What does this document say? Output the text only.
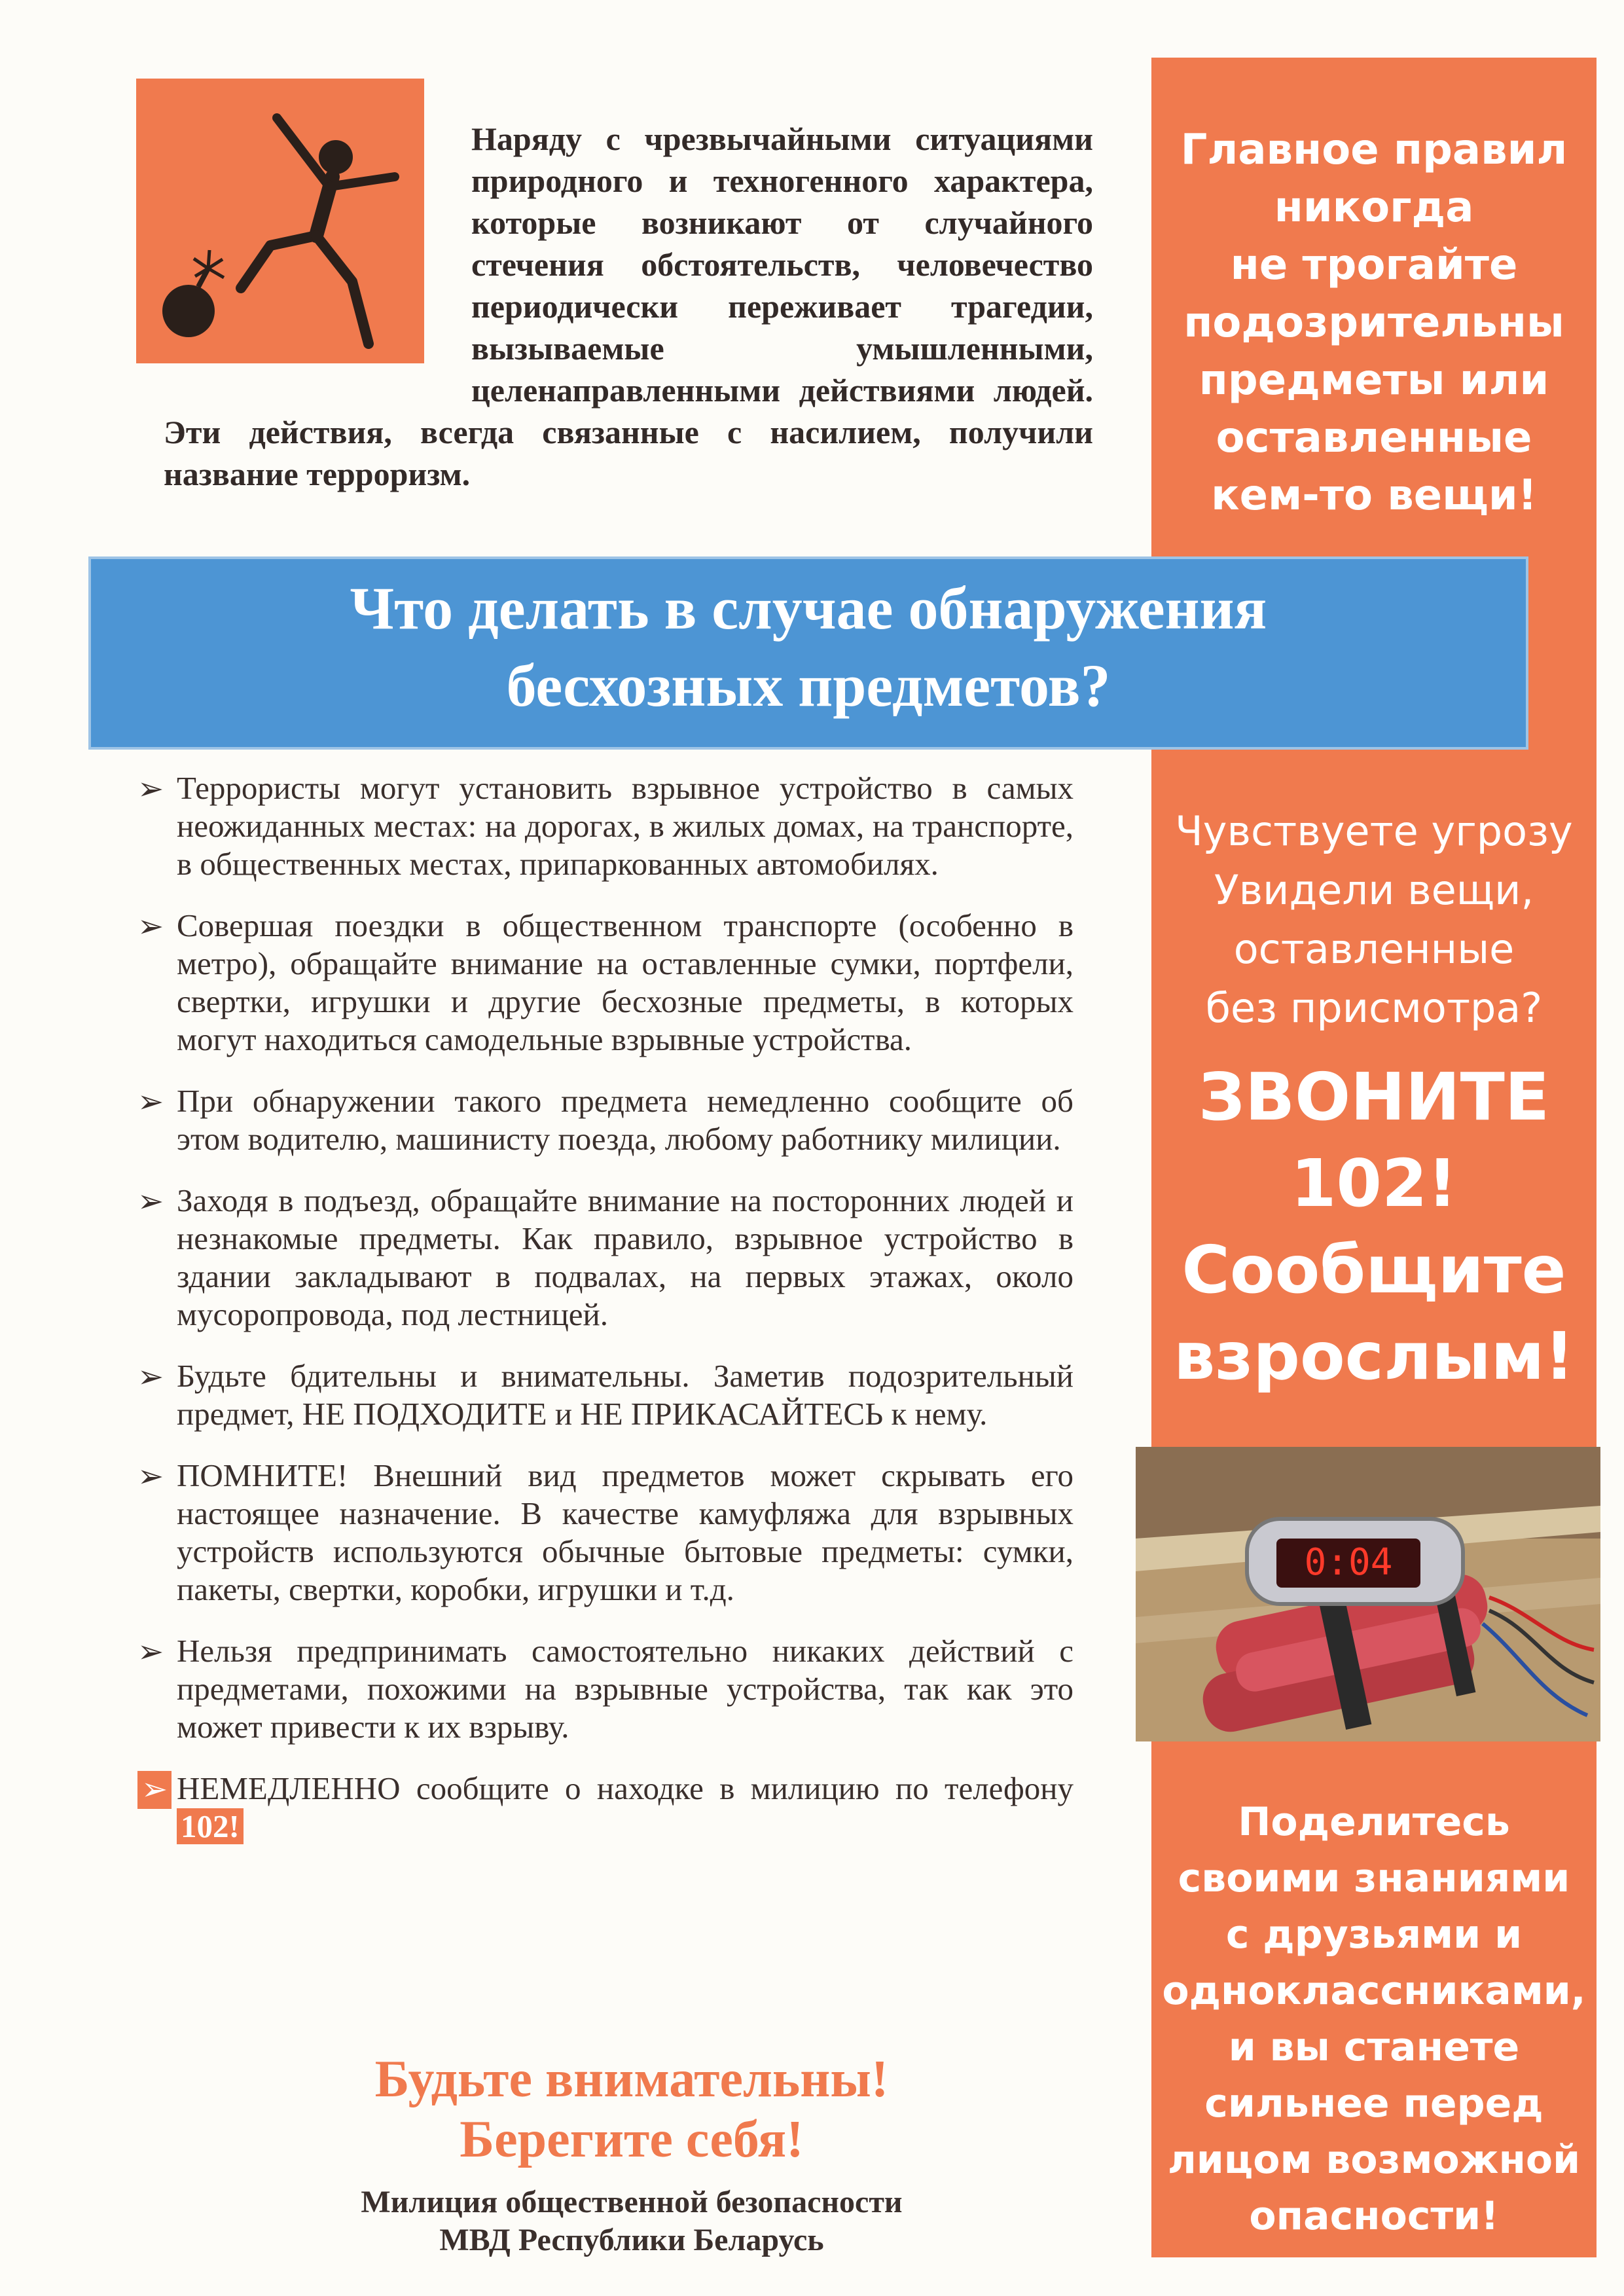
Главное правил
никогда
не трогайте
подозрительны
предметы или
оставленные
кем-то вещи!
Чувствуете угрозу
Увидели вещи,
оставленные
без присмотра?
ЗВОНИТЕ
102!
Сообщите
взрослым!
0:04
Поделитесь
своими знаниями
с друзьями и
одноклассниками,
и вы станете
сильнее перед
лицом возможной
опасности!
Наряду с чрезвычайными ситуациями природного и техногенного характера, которые возникают от случайного стечения обстоятельств, человечество периодически переживает трагедии, вызываемые умышленными, целенаправленными действиями людей. Эти действия, всегда связанные с насилием, получили название терроризм.
Что делать в случае обнаружения
бесхозных предметов?
➢ Террористы могут установить взрывное устройство в самых неожиданных местах: на дорогах, в жилых домах, на транспорте, в общественных местах, припаркованных автомобилях.
➢ Совершая поездки в общественном транспорте (особенно в метро), обращайте внимание на оставленные сумки, портфели, свертки, игрушки и другие бесхозные предметы, в которых могут находиться самодельные взрывные устройства.
➢ При обнаружении такого предмета немедленно сообщите об этом водителю, машинисту поезда, любому работнику милиции.
➢ Заходя в подъезд, обращайте внимание на посторонних людей и незнакомые предметы. Как правило, взрывное устройство в здании закладывают в подвалах, на первых этажах, около мусоропровода, под лестницей.
➢ Будьте бдительны и внимательны. Заметив подозрительный предмет, НЕ ПОДХОДИТЕ и НЕ ПРИКАСАЙТЕСЬ к нему.
➢ ПОМНИТЕ! Внешний вид предметов может скрывать его настоящее назначение. В качестве камуфляжа для взрывных устройств используются обычные бытовые предметы: сумки, пакеты, свертки, коробки, игрушки и т.д.
➢ Нельзя предпринимать самостоятельно никаких действий с предметами, похожими на взрывные устройства, так как это может привести к их взрыву.
➢ НЕМЕДЛЕННО сообщите о находке в милицию по телефону 102!
Будьте внимательны!
Берегите себя!
Милиция общественной безопасности
МВД Республики Беларусь
